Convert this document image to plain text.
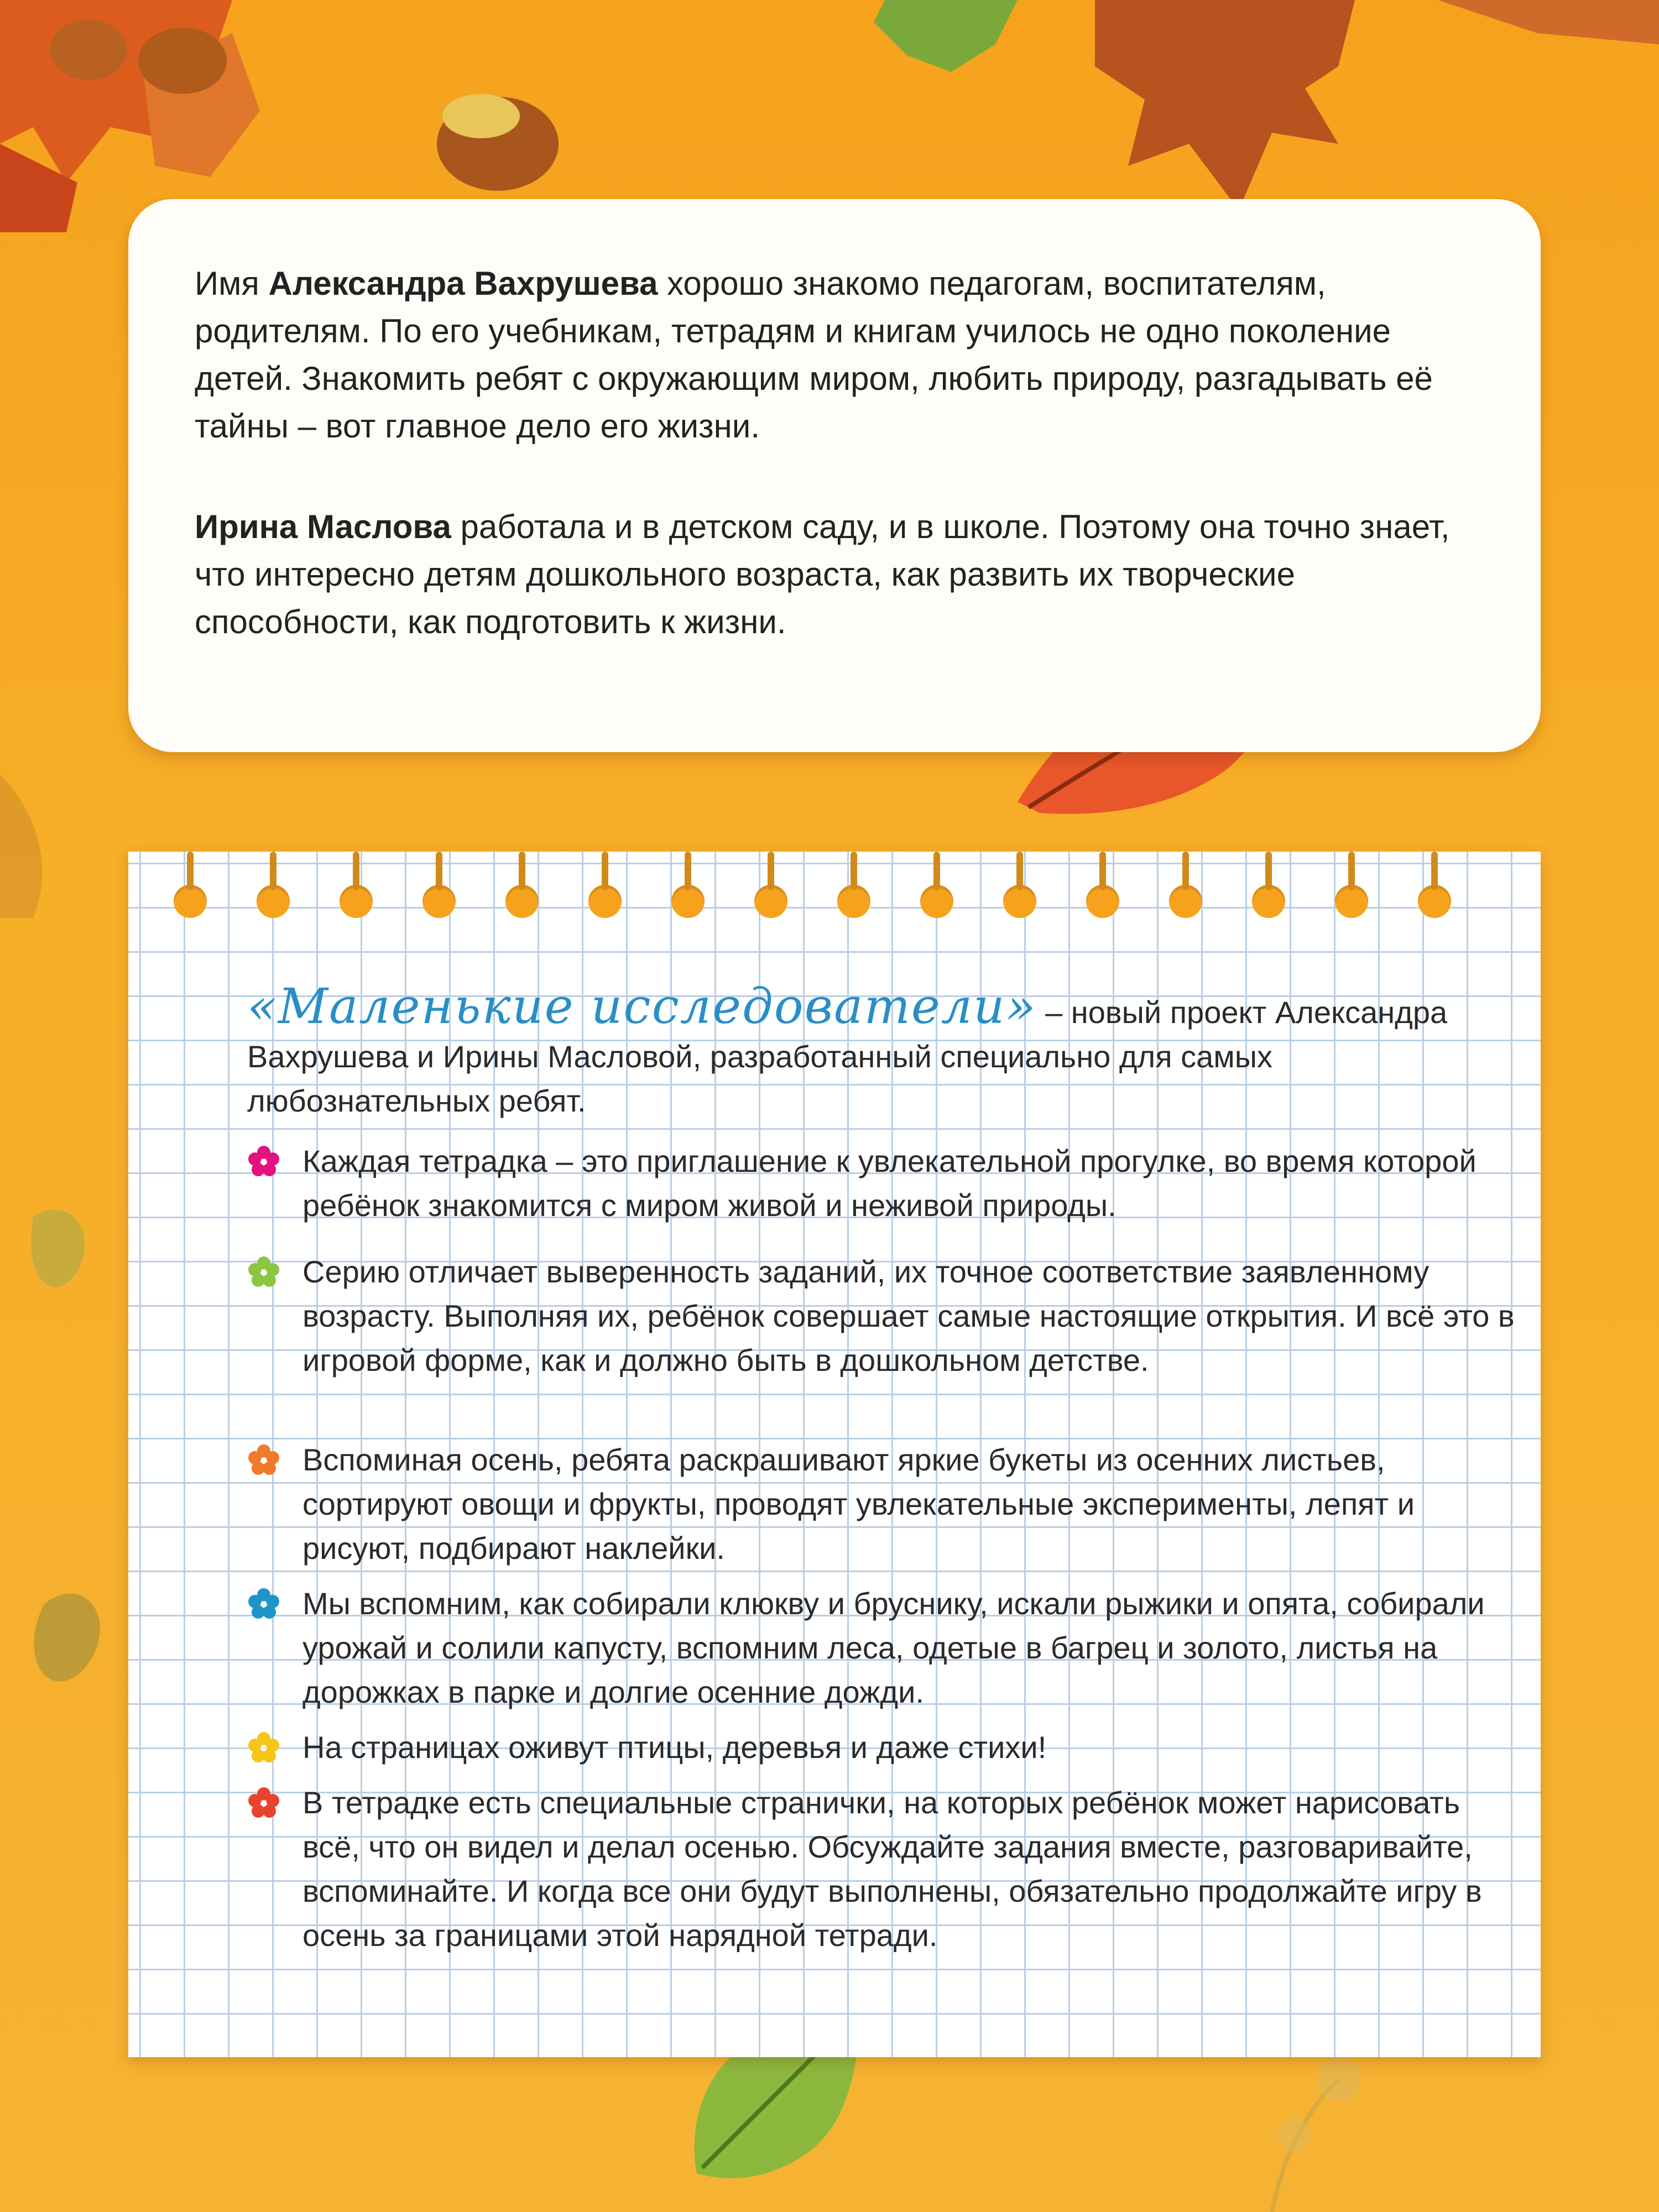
Имя Александра Вахрушева хорошо знакомо педагогам, воспитателям, родителям. По его учебникам, тетрадям и книгам училось не одно поколение детей. Знакомить ребят с окружающим миром, любить природу, разгадывать её тайны – вот главное дело его жизни.

Ирина Маслова работала и в детском саду, и в школе. Поэтому она точно знает, что интересно детям дошкольного возраста, как развить их творческие способности, как подготовить к жизни.

«Маленькие исследователи» – новый проект Александра Вахрушева и Ирины Масловой, разработанный специально для самых любознательных ребят.

Каждая тетрадка – это приглашение к увлекательной прогулке, во время которой ребёнок знакомится с миром живой и неживой природы.

Серию отличает выверенность заданий, их точное соответствие заявленному возрасту. Выполняя их, ребёнок совершает самые настоящие открытия. И всё это в игровой форме, как и должно быть в дошкольном детстве.

Вспоминая осень, ребята раскрашивают яркие букеты из осенних листьев, сортируют овощи и фрукты, проводят увлекательные эксперименты, лепят и рисуют, подбирают наклейки.

Мы вспомним, как собирали клюкву и бруснику, искали рыжики и опята, собирали урожай и солили капусту, вспомним леса, одетые в багрец и золото, листья на дорожках в парке и долгие осенние дожди.

На страницах оживут птицы, деревья и даже стихи!

В тетрадке есть специальные странички, на которых ребёнок может нарисовать всё, что он видел и делал осенью. Обсуждайте задания вместе, разговаривайте, вспоминайте. И когда все они будут выполнены, обязательно продолжайте игру в осень за границами этой нарядной тетради.
